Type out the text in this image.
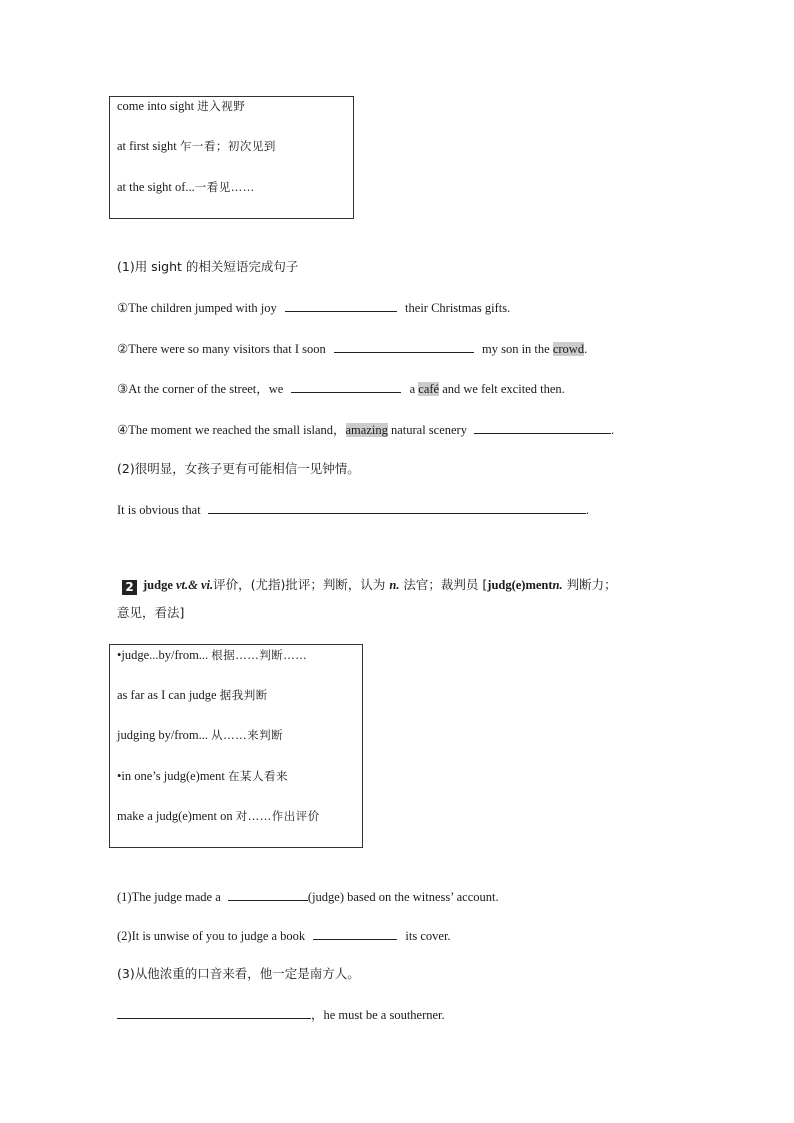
come into sight 进入视野
at first sight 乍一看；初次见到
at the sight of...一看见……
(1)用 sight 的相关短语完成句子
①The children jumped with joy	their Christmas gifts.
②There were so many visitors that I soon	my son in the crowd.
③At the corner of the street，we	a café and we felt excited then.
④The moment we reached the small island，amazing natural scenery	.
(2)很明显，女孩子更有可能相信一见钟情。
It is obvious that	.
2 judge vt.& vi.评价，(尤指)批评；判断，认为 n. 法官；裁判员 [judg(e)mentn. 判断力；
意见，看法]
•judge...by/from... 根据……判断……
as far as I can judge 据我判断
judging by/from... 从……来判断
•in one’s judg(e)ment 在某人看来
make a judg(e)ment on 对……作出评价
(1)The judge made a	(judge) based on the witness’ account.
(2)It is unwise of you to judge a book	its cover.
(3)从他浓重的口音来看，他一定是南方人。
，he must be a southerner.
